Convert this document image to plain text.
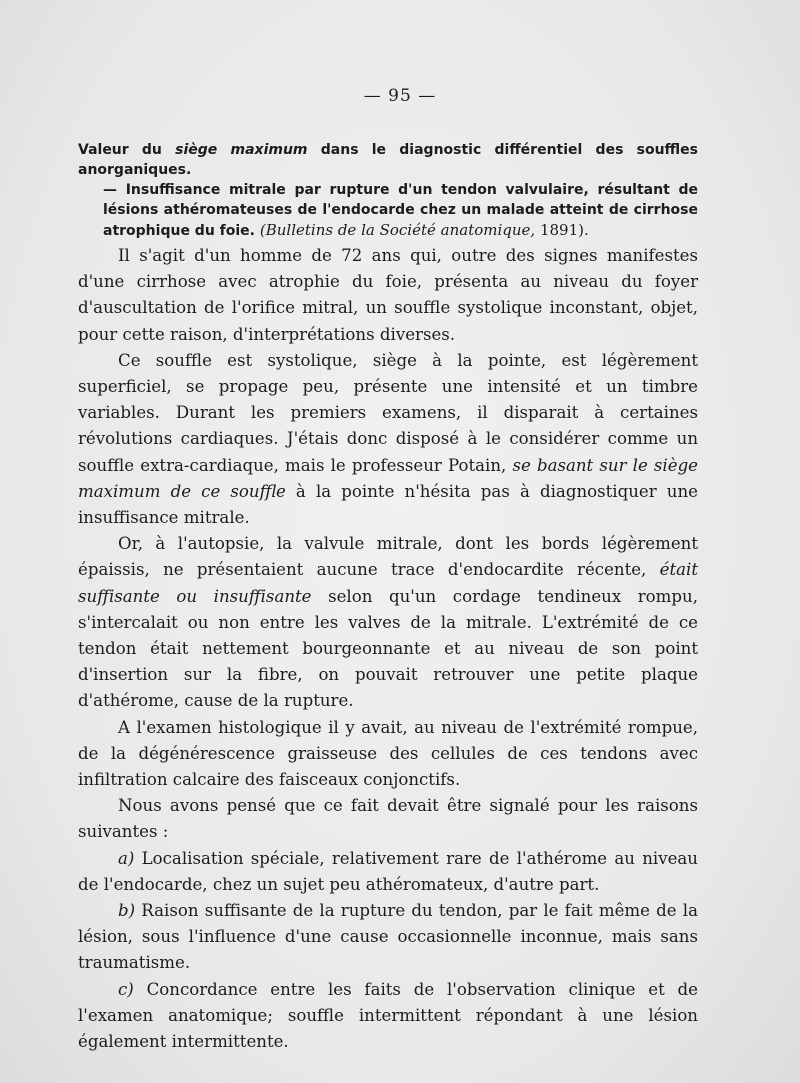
— 95 —
Valeur du siège maximum dans le diagnostic différentiel des souffles anorganiques.
— Insuffisance mitrale par rupture d'un tendon valvulaire, résultant de lésions athéromateuses de l'endocarde chez un malade atteint de cirrhose atrophique du foie. (Bulletins de la Société anatomique, 1891).

Il s'agit d'un homme de 72 ans qui, outre des signes manifestes d'une cirrhose avec atrophie du foie, présenta au niveau du foyer d'auscultation de l'orifice mitral, un souffle systolique inconstant, objet, pour cette raison, d'interprétations diverses.

Ce souffle est systolique, siège à la pointe, est légèrement superficiel, se propage peu, présente une intensité et un timbre variables. Durant les premiers examens, il disparait à certaines révolutions cardiaques. J'étais donc disposé à le considérer comme un souffle extra-cardiaque, mais le professeur Potain, se basant sur le siège maximum de ce souffle à la pointe n'hésita pas à diagnostiquer une insuffisance mitrale.

Or, à l'autopsie, la valvule mitrale, dont les bords légèrement épaissis, ne présentaient aucune trace d'endocardite récente, était suffisante ou insuffisante selon qu'un cordage tendineux rompu, s'intercalait ou non entre les valves de la mitrale. L'extrémité de ce tendon était nettement bourgeonnante et au niveau de son point d'insertion sur la fibre, on pouvait retrouver une petite plaque d'athérome, cause de la rupture.

A l'examen histologique il y avait, au niveau de l'extrémité rompue, de la dégénérescence graisseuse des cellules de ces tendons avec infiltration calcaire des faisceaux conjonctifs.

Nous avons pensé que ce fait devait être signalé pour les raisons suivantes :

a) Localisation spéciale, relativement rare de l'athérome au niveau de l'endocarde, chez un sujet peu athéromateux, d'autre part.

b) Raison suffisante de la rupture du tendon, par le fait même de la lésion, sous l'influence d'une cause occasionnelle inconnue, mais sans traumatisme.

c) Concordance entre les faits de l'observation clinique et de l'examen anatomique; souffle intermittent répondant à une lésion également intermittente.
